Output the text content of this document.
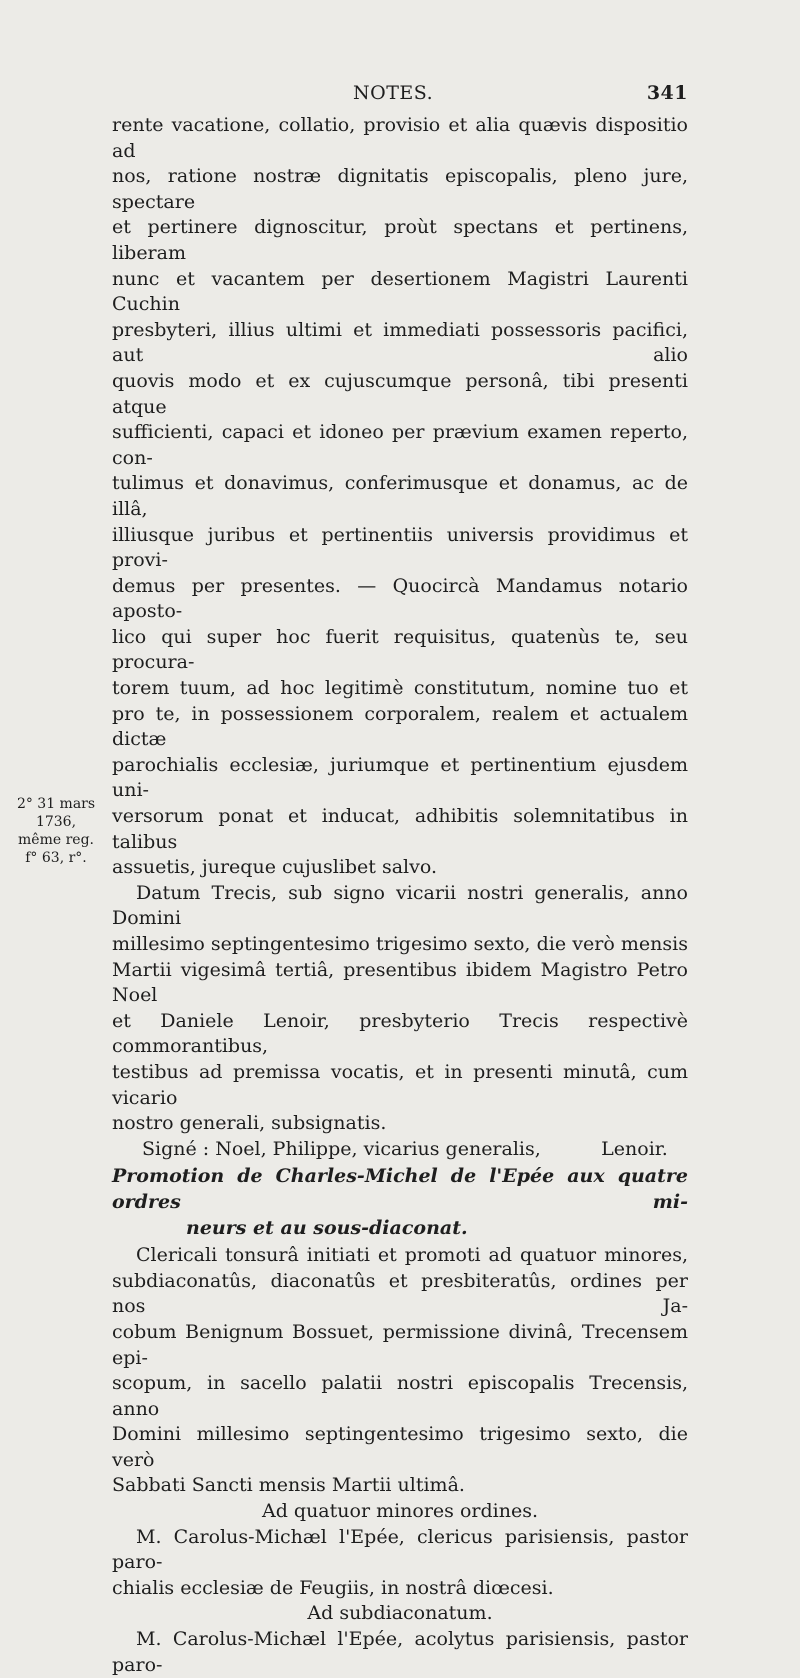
NOTES.	341

rente vacatione, collatio, provisio et alia quævis dispositio ad

nos, ratione nostræ dignitatis episcopalis, pleno jure, spectare

et pertinere dignoscitur, proùt spectans et pertinens, liberam

nunc et vacantem per desertionem Magistri Laurenti Cuchin

presbyteri, illius ultimi et immediati possessoris pacifici, aut alio

quovis modo et ex cujuscumque personâ, tibi presenti atque

sufficienti, capaci et idoneo per prævium examen reperto, con-

tulimus et donavimus, conferimusque et donamus, ac de illâ,

illiusque juribus et pertinentiis universis providimus et provi-

demus per presentes. — Quocircà Mandamus notario aposto-

lico qui super hoc fuerit requisitus, quatenùs te, seu procura-

torem tuum, ad hoc legitimè constitutum, nomine tuo et

pro te, in possessionem corporalem, realem et actualem dictæ

parochialis ecclesiæ, juriumque et pertinentium ejusdem uni-

versorum ponat et inducat, adhibitis solemnitatibus in talibus

assuetis, jureque cujuslibet salvo.

Datum Trecis, sub signo vicarii nostri generalis, anno Domini

millesimo septingentesimo trigesimo sexto, die verò mensis

Martii vigesimâ tertiâ, presentibus ibidem Magistro Petro Noel

et Daniele Lenoir, presbyterio Trecis respectivè commorantibus,

testibus ad premissa vocatis, et in presenti minutâ, cum vicario

nostro generali, subsignatis.

Signé : Noel, Philippe, vicarius generalis,          Lenoir.

Promotion de Charles-Michel de l'Epée aux quatre ordres mi-

neurs et au sous-diaconat.

Clericali tonsurâ initiati et promoti ad quatuor minores,

subdiaconatûs, diaconatûs et presbiteratûs, ordines per nos Ja-

cobum Benignum Bossuet, permissione divinâ, Trecensem epi-

scopum, in sacello palatii nostri episcopalis Trecensis, anno

Domini millesimo septingentesimo trigesimo sexto, die verò

Sabbati Sancti mensis Martii ultimâ.

Ad quatuor minores ordines.

M. Carolus-Michæl l'Epée, clericus parisiensis, pastor paro-

chialis ecclesiæ de Feugiis, in nostrâ diœcesi.

Ad subdiaconatum.

M. Carolus-Michæl l'Epée, acolytus parisiensis, pastor paro-

2° 31 mars
1736,
même reg.
f° 63, r°.
